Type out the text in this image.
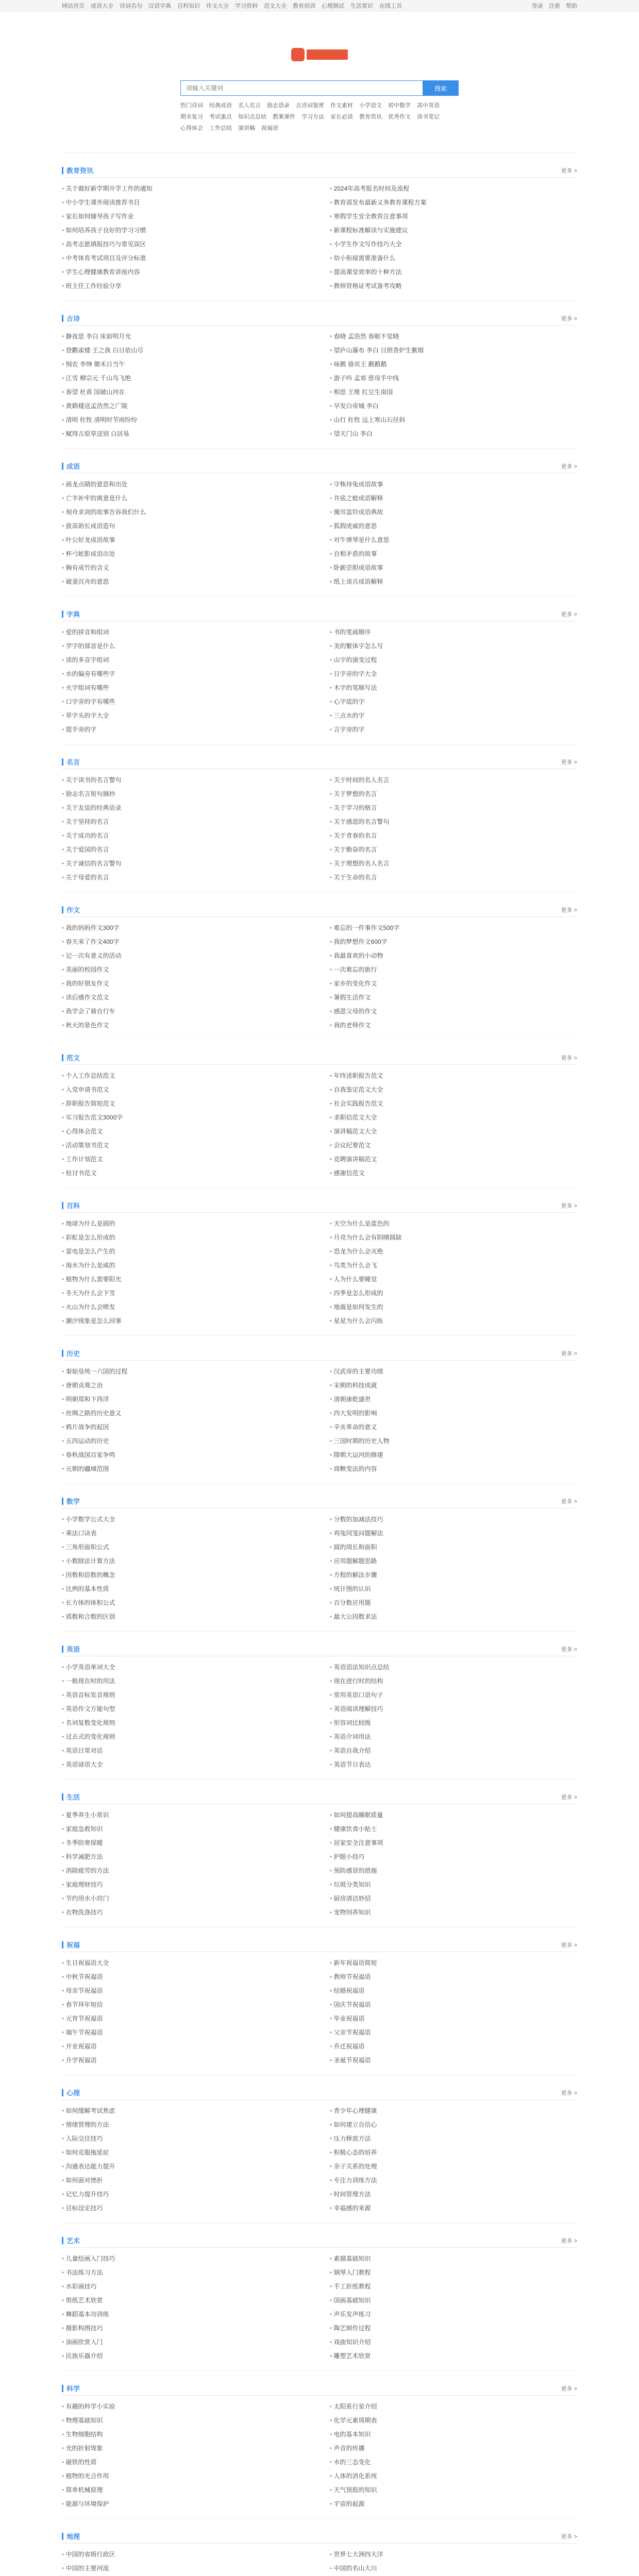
网站首页 成语大全 诗词名句 汉语字典 百科知识 作文大全 学习资料 范文大全 教育培训 心理测试 生活常识 在线工具	登录 注册 帮助
请输入关键词
搜索
热门诗词 经典成语 名人名言 励志语录 古诗词鉴赏 作文素材 小学语文 初中数学 高中英语期末复习 考试重点 知识点总结 教案课件 学习方法 家长必读 教育资讯 优秀作文 读书笔记心得体会 工作总结 演讲稿 祝福语
教育资讯	更多 >
• 关于做好新学期开学工作的通知	• 2024年高考报名时间及流程
• 中小学生课外阅读推荐书目	• 教育部发布最新义务教育课程方案
• 家长如何辅导孩子写作业	• 寒假学生安全教育注意事项
• 如何培养孩子良好的学习习惯	• 新课程标准解读与实施建议
• 高考志愿填报技巧与常见误区	• 小学生作文写作技巧大全
• 中考体育考试项目及评分标准	• 幼小衔接需要准备什么
• 学生心理健康教育讲座内容	• 提高课堂效率的十种方法
• 班主任工作经验分享	• 教师资格证考试备考攻略
古诗	更多 >
• 静夜思 李白 床前明月光	• 春晓 孟浩然 春眠不觉晓
• 登鹳雀楼 王之涣 白日依山尽	• 望庐山瀑布 李白 日照香炉生紫烟
• 悯农 李绅 锄禾日当午	• 咏鹅 骆宾王 鹅鹅鹅
• 江雪 柳宗元 千山鸟飞绝	• 游子吟 孟郊 慈母手中线
• 春望 杜甫 国破山河在	• 相思 王维 红豆生南国
• 黄鹤楼送孟浩然之广陵	• 早发白帝城 李白
• 清明 杜牧 清明时节雨纷纷	• 山行 杜牧 远上寒山石径斜
• 赋得古原草送别 白居易	• 望天门山 李白
成语	更多 >
• 画龙点睛的意思和出处	• 守株待兔成语故事
• 亡羊补牢的寓意是什么	• 井底之蛙成语解释
• 刻舟求剑的故事告诉我们什么	• 掩耳盗铃成语典故
• 拔苗助长成语造句	• 狐假虎威的意思
• 叶公好龙成语故事	• 对牛弹琴是什么意思
• 杯弓蛇影成语出处	• 自相矛盾的故事
• 胸有成竹的含义	• 卧薪尝胆成语故事
• 破釜沉舟的意思	• 纸上谈兵成语解释
字典	更多 >
• 爱的拼音和组词	• 书的笔画顺序
• 学字的部首是什么	• 美的繁体字怎么写
• 读的多音字组词	• 山字的演变过程
• 水的偏旁有哪些字	• 日字旁的字大全
• 火字组词有哪些	• 木字的笔顺写法
• 口字旁的字有哪些	• 心字底的字
• 草字头的字大全	• 三点水的字
• 提手旁的字	• 言字旁的字
名言	更多 >
• 关于读书的名言警句	• 关于时间的名人名言
• 励志名言短句摘抄	• 关于梦想的名言
• 关于友谊的经典语录	• 关于学习的格言
• 关于坚持的名言	• 关于感恩的名言警句
• 关于成功的名言	• 关于青春的名言
• 关于爱国的名言	• 关于勤奋的名言
• 关于诚信的名言警句	• 关于理想的名人名言
• 关于母爱的名言	• 关于生命的名言
作文	更多 >
• 我的妈妈作文300字	• 难忘的一件事作文500字
• 春天来了作文400字	• 我的梦想作文600字
• 记一次有意义的活动	• 我最喜欢的小动物
• 美丽的校园作文	• 一次难忘的旅行
• 我的好朋友作文	• 家乡的变化作文
• 读后感作文范文	• 暑假生活作文
• 我学会了骑自行车	• 感恩父母的作文
• 秋天的景色作文	• 我的老师作文
范文	更多 >
• 个人工作总结范文	• 年终述职报告范文
• 入党申请书范文	• 自我鉴定范文大全
• 辞职报告简短范文	• 社会实践报告范文
• 实习报告范文3000字	• 求职信范文大全
• 心得体会范文	• 演讲稿范文大全
• 活动策划书范文	• 会议纪要范文
• 工作计划范文	• 竞聘演讲稿范文
• 检讨书范文	• 感谢信范文
百科	更多 >
• 地球为什么是圆的	• 天空为什么是蓝色的
• 彩虹是怎么形成的	• 月亮为什么会有阴晴圆缺
• 雷电是怎么产生的	• 恐龙为什么会灭绝
• 海水为什么是咸的	• 鸟类为什么会飞
• 植物为什么需要阳光	• 人为什么要睡觉
• 冬天为什么会下雪	• 四季是怎么形成的
• 火山为什么会喷发	• 地震是如何发生的
• 潮汐现象是怎么回事	• 星星为什么会闪烁
历史	更多 >
• 秦始皇统一六国的过程	• 汉武帝的主要功绩
• 唐朝贞观之治	• 宋朝的科技成就
• 明朝郑和下西洋	• 清朝康乾盛世
• 丝绸之路的历史意义	• 四大发明的影响
• 鸦片战争的起因	• 辛亥革命的意义
• 五四运动的历史	• 三国时期的历史人物
• 春秋战国百家争鸣	• 隋朝大运河的修建
• 元朝的疆域范围	• 商鞅变法的内容
数学	更多 >
• 小学数学公式大全	• 分数的加减法技巧
• 乘法口诀表	• 鸡兔同笼问题解法
• 三角形面积公式	• 圆的周长和面积
• 小数除法计算方法	• 应用题解题思路
• 因数和倍数的概念	• 方程的解法步骤
• 比例的基本性质	• 统计图的认识
• 长方体的体积公式	• 百分数应用题
• 质数和合数的区别	• 最大公因数求法
英语	更多 >
• 小学英语单词大全	• 英语语法知识点总结
• 一般现在时的用法	• 现在进行时的结构
• 英语音标发音规则	• 常用英语口语句子
• 英语作文万能句型	• 英语阅读理解技巧
• 名词复数变化规则	• 形容词比较级
• 过去式的变化规则	• 英语介词用法
• 英语日常对话	• 英语自我介绍
• 英语谚语大全	• 英语节日表达
生活	更多 >
• 夏季养生小常识	• 如何提高睡眠质量
• 家庭急救知识	• 健康饮食小贴士
• 冬季防寒保暖	• 居家安全注意事项
• 科学减肥方法	• 护眼小技巧
• 消除疲劳的方法	• 预防感冒的措施
• 家庭理财技巧	• 垃圾分类知识
• 节约用水小窍门	• 厨房清洁妙招
• 衣物洗涤技巧	• 宠物饲养知识
祝福	更多 >
• 生日祝福语大全	• 新年祝福语简短
• 中秋节祝福语	• 教师节祝福语
• 母亲节祝福语	• 结婚祝福语
• 春节拜年短信	• 国庆节祝福语
• 元宵节祝福语	• 毕业祝福语
• 端午节祝福语	• 父亲节祝福语
• 开业祝福语	• 乔迁祝福语
• 升学祝福语	• 圣诞节祝福语
心理	更多 >
• 如何缓解考试焦虑	• 青少年心理健康
• 情绪管理的方法	• 如何建立自信心
• 人际交往技巧	• 压力释放方法
• 如何克服拖延症	• 积极心态的培养
• 沟通表达能力提升	• 亲子关系的处理
• 如何面对挫折	• 专注力训练方法
• 记忆力提升技巧	• 时间管理方法
• 目标设定技巧	• 幸福感的来源
艺术	更多 >
• 儿童绘画入门技巧	• 素描基础知识
• 书法练习方法	• 钢琴入门教程
• 水彩画技巧	• 手工折纸教程
• 剪纸艺术欣赏	• 国画基础知识
• 舞蹈基本功训练	• 声乐发声练习
• 摄影构图技巧	• 陶艺制作过程
• 油画欣赏入门	• 戏曲知识介绍
• 民族乐器介绍	• 雕塑艺术欣赏
科学	更多 >
• 有趣的科学小实验	• 太阳系行星介绍
• 物理基础知识	• 化学元素周期表
• 生物细胞结构	• 电的基本知识
• 光的折射现象	• 声音的传播
• 磁铁的性质	• 水的三态变化
• 植物的光合作用	• 人体的消化系统
• 简单机械原理	• 天气预报的知识
• 能源与环境保护	• 宇宙的起源
地理	更多 >
• 中国的省级行政区	• 世界七大洲四大洋
• 中国的主要河流	• 中国的名山大川
•
•
